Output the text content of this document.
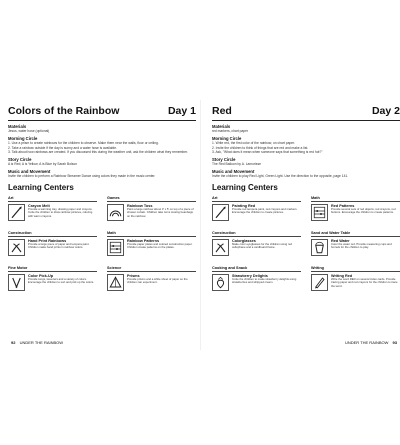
Colors of the Rainbow	Day 1
Materials
Jesus, water hose (optional)
Morning Circle
1. Use a prism to create rainbows for the children to observe. Make them near the walls, floor or ceiling.
2. Take a rainbow outside if the day is sunny and a water hose is available.
3. Talk about how rainbows are created. If you discussed this during the weather unit, ask the children what they remember.
Story Circle
A is Red; A is Yellow; A is Blue by Sarah Bolson
Music and Movement
Invite the children to perform a Rainbow Streamer Dance using colors they made in the music center.
Learning Centers
Art
Crayon Melt
Provide a warming tray, drawing paper and crayons. Invite the children to draw rainbow pictures, coloring with warm crayons.
Games
Rainbow Toss
Paint a large rainbow about 3' x 5' on top of a piece of shower curtain. Children take turns tossing beanbags on the rainbow.
Construction
Hand Print Rainbows
Provide a large piece of paper and tempera paint. Children make hand prints in rainbow colors.
Math
Rainbow Patterns
Provide paper plates and colored construction paper. Children create patterns on the plates.
Fine Motor
Color Pick-Up
Provide tongs, tweezers and a variety of colors. Encourage the children to sort and pick up the colors.
Science
Prisms
Provide prisms and a white sheet of paper so the children can experiment.
Red	Day 2
Materials
red markers, chart paper
Morning Circle
1. Write red, the first color of the rainbow, on chart paper.
2. Invite the children to think of things that are red and make a list.
3. Ask, "What does it mean when someone says that something is red hot?"
Story Circle
The Red Balloon by A. Lamorisse
Music and Movement
Invite the children to play Red Light, Green Light. Use the direction to the opposite, page 141.
Learning Centers
Art
Painting Red
Provide red tempera paint, red crayons and markers. Encourage the children to create pictures.
Math
Red Patterns
Provide several sets of red objects, red crayons, red buttons. Encourage the children to create patterns.
Construction
Colorglasses
Make color eyeglasses for the children using red cellophane and a cardboard frame.
Sand and Water Table
Red Water
Color the water red. Provide measuring cups and funnels for the children to play.
Cooking and Snack
Strawberry Delights
Invite the children to make strawberry delights using strawberries and whipped cream.
Writing
Writing Red
Write the word RED on several index cards. Provide tracing paper and red crayons for the children to trace the word.
92 UNDER THE RAINBOW	UNDER THE RAINBOW 93
